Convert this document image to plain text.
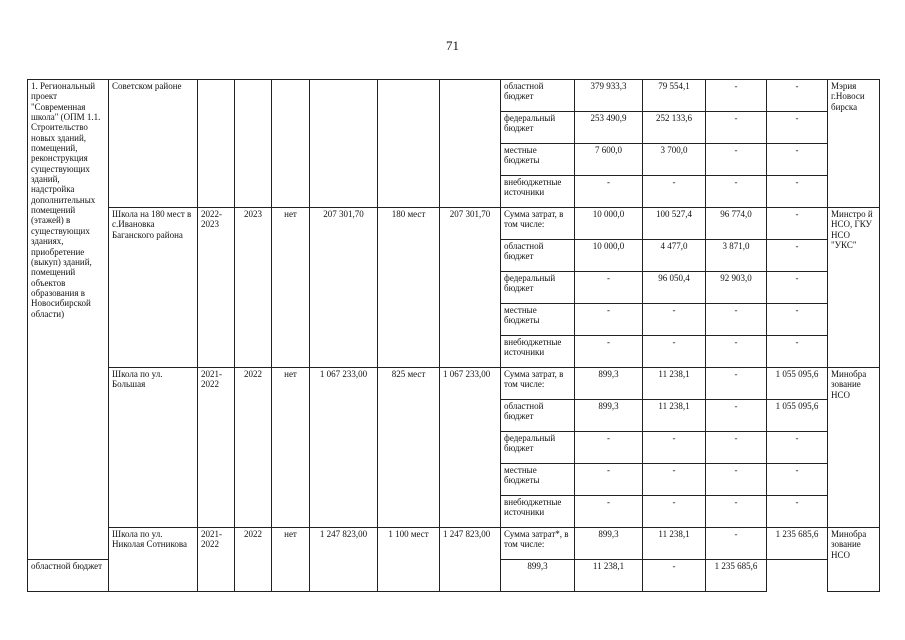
71
1. Региональный проект "Современная школа" (ОПМ 1.1. Строительство новых зданий, помещений, реконструкция существующих зданий, надстройка дополнительных помещений (этажей) в существующих зданиях, приобретение (выкуп) зданий, помещений объектов образования в Новосибирской области)	Советском районе							областной бюджет	379 933,3	79 554,1	-	-	Мэрия г.Новоси бирска
								федеральный бюджет	253 490,9	252 133,6	-	-	
								местные бюджеты	7 600,0	3 700,0	-	-	
								внебюджетные источники	-	-	-	-	
	Школа на 180 мест в с.Ивановка Баганского района	2022-2023	2023	нет	207 301,70	180 мест	207 301,70	Сумма затрат, в том числе:	10 000,0	100 527,4	96 774,0	-	Минстро й НСО, ГКУ НСО "УКС"
								областной бюджет	10 000,0	4 477,0	3 871,0	-	
								федеральный бюджет	-	96 050,4	92 903,0	-	
								местные бюджеты	-	-	-	-	
								внебюджетные источники	-	-	-	-	
	Школа по ул. Большая	2021-2022	2022	нет	1 067 233,00	825 мест	1 067 233,00	Сумма затрат, в том числе:	899,3	11 238,1	-	1 055 095,6	Минобра зование НСО
								областной бюджет	899,3	11 238,1	-	1 055 095,6	
								федеральный бюджет	-	-	-	-	
								местные бюджеты	-	-	-	-	
								внебюджетные источники	-	-	-	-	
	Школа по ул. Николая Сотникова	2021-2022	2022	нет	1 247 823,00	1 100 мест	1 247 823,00	Сумма затрат*, в том числе:	899,3	11 238,1	-	1 235 685,6	Минобра зование НСО
областной бюджет								899,3	11 238,1	-	1 235 685,6		
